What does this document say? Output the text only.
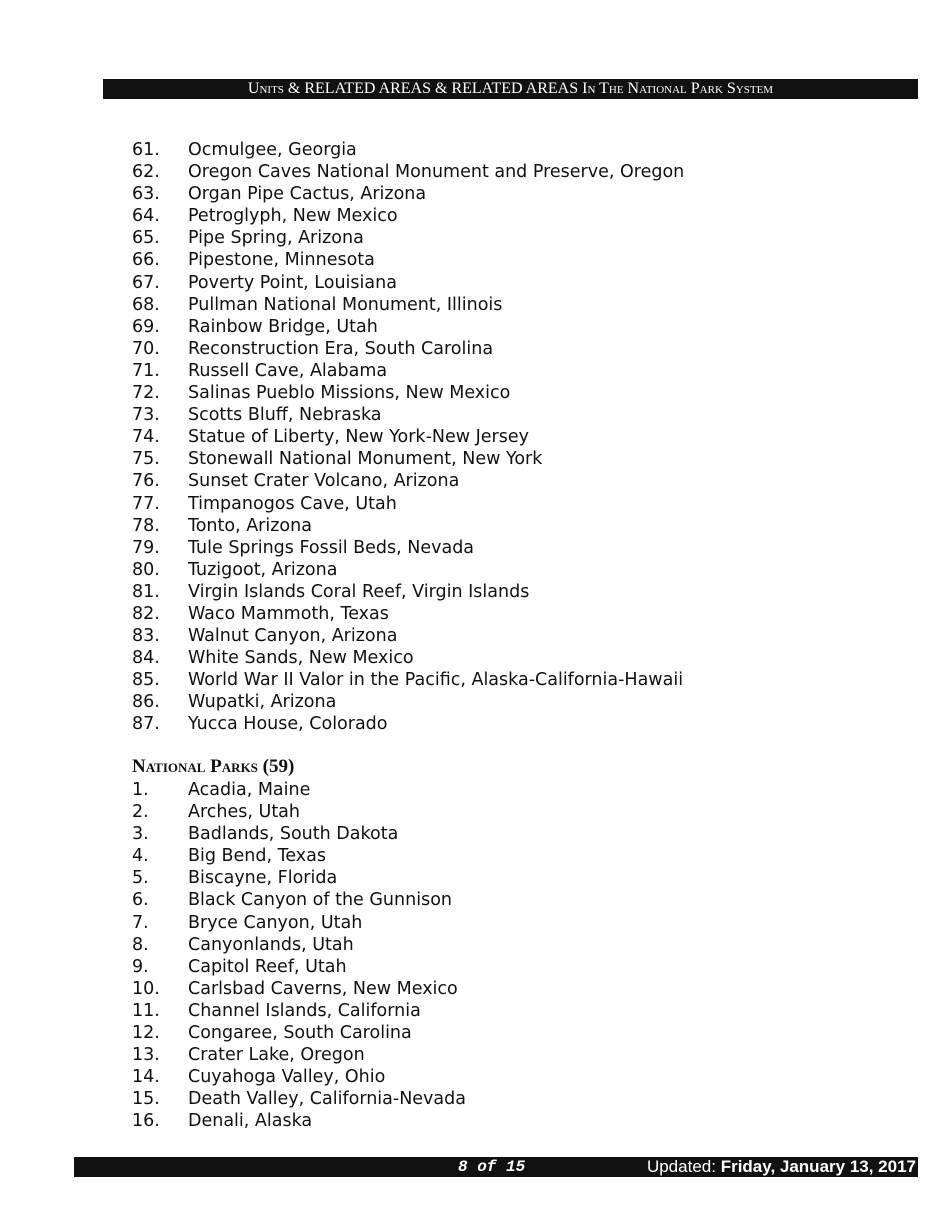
Units & RELATED AREAS & RELATED AREAS In The National Park System
61.	Ocmulgee, Georgia
62.	Oregon Caves National Monument and Preserve, Oregon
63.	Organ Pipe Cactus, Arizona
64.	Petroglyph, New Mexico
65.	Pipe Spring, Arizona
66.	Pipestone, Minnesota
67.	Poverty Point, Louisiana
68.	Pullman National Monument, Illinois
69.	Rainbow Bridge, Utah
70.	Reconstruction Era, South Carolina
71.	Russell Cave, Alabama
72.	Salinas Pueblo Missions, New Mexico
73.	Scotts Bluff, Nebraska
74.	Statue of Liberty, New York-New Jersey
75.	Stonewall National Monument, New York
76.	Sunset Crater Volcano, Arizona
77.	Timpanogos Cave, Utah
78.	Tonto, Arizona
79.	Tule Springs Fossil Beds, Nevada
80.	Tuzigoot, Arizona
81.	Virgin Islands Coral Reef, Virgin Islands
82.	Waco Mammoth, Texas
83.	Walnut Canyon, Arizona
84.	White Sands, New Mexico
85.	World War II Valor in the Pacific, Alaska-California-Hawaii
86.	Wupatki, Arizona
87.	Yucca House, Colorado
National Parks (59)
1.	Acadia, Maine
2.	Arches, Utah
3.	Badlands, South Dakota
4.	Big Bend, Texas
5.	Biscayne, Florida
6.	Black Canyon of the Gunnison
7.	Bryce Canyon, Utah
8.	Canyonlands, Utah
9.	Capitol Reef, Utah
10.	Carlsbad Caverns, New Mexico
11.	Channel Islands, California
12.	Congaree, South Carolina
13.	Crater Lake, Oregon
14.	Cuyahoga Valley, Ohio
15.	Death Valley, California-Nevada
16.	Denali, Alaska
8 of 15	Updated: Friday, January 13, 2017
